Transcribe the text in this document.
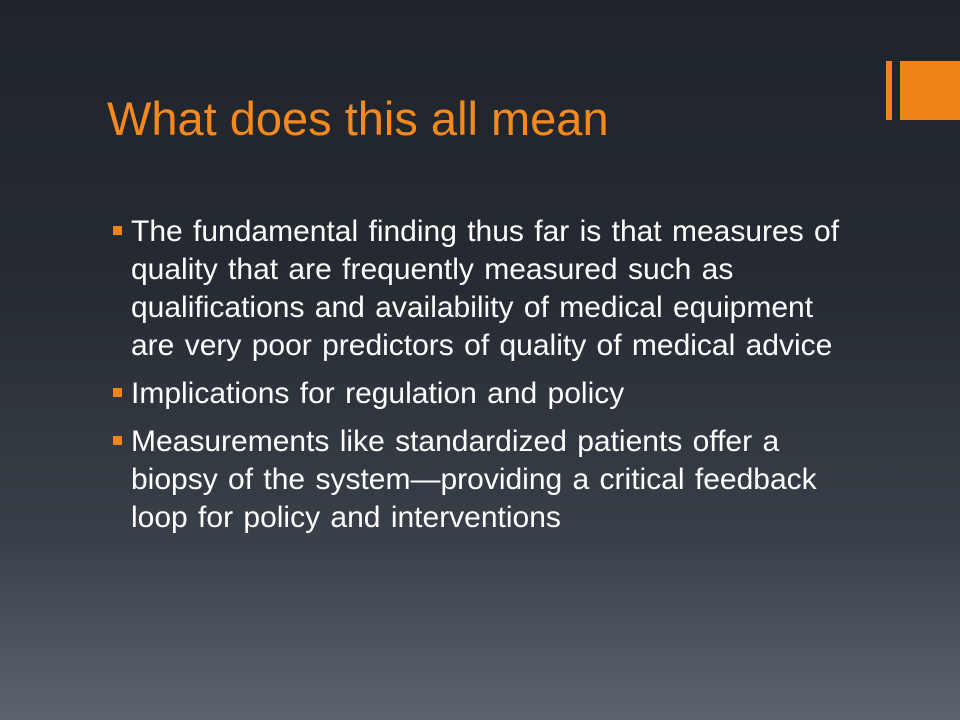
What does this all mean
The fundamental finding thus far is that measures of quality that are frequently measured such as qualifications and availability of medical equipment are very poor predictors of quality of medical advice
Implications for regulation and policy
Measurements like standardized patients offer a biopsy of the system—providing a critical feedback loop for policy and interventions
